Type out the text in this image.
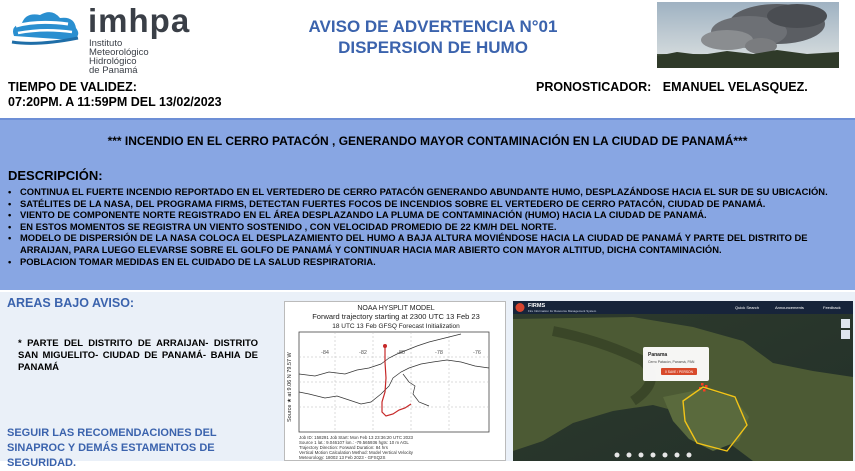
imhpa
Instituto
Meteorológico
Hidrológico
de Panamá
AVISO DE ADVERTENCIA N°01
DISPERSION DE HUMO
TIEMPO DE VALIDEZ:
07:20PM. A 11:59PM DEL 13/02/2023
PRONOSTICADOR: EMANUEL VELASQUEZ.
*** INCENDIO EN EL CERRO PATACÓN , GENERANDO MAYOR CONTAMINACIÓN EN LA CIUDAD DE PANAMÁ***
DESCRIPCIÓN:
• CONTINUA EL FUERTE INCENDIO REPORTADO EN EL VERTEDERO DE CERRO PATACÓN GENERANDO ABUNDANTE HUMO, DESPLAZÁNDOSE HACIA EL SUR DE SU UBICACIÓN.
• SATÉLITES DE LA NASA, DEL PROGRAMA FIRMS, DETECTAN FUERTES FOCOS DE INCENDIOS SOBRE EL VERTEDERO DE CERRO PATACÓN, CIUDAD DE PANAMÁ.
• VIENTO DE COMPONENTE NORTE REGISTRADO EN EL ÁREA DESPLAZANDO LA PLUMA DE CONTAMINACIÓN (HUMO) HACIA LA CIUDAD DE PANAMÁ.
• EN ESTOS MOMENTOS SE REGISTRA UN VIENTO SOSTENIDO , CON VELOCIDAD PROMEDIO DE 22 KM/H DEL NORTE.
• MODELO DE DISPERSIÓN DE LA NASA COLOCA EL DESPLAZAMIENTO DEL HUMO A BAJA ALTURA MOVIÉNDOSE HACIA LA CIUDAD DE PANAMÁ Y PARTE DEL DISTRITO DE ARRAIJAN, PARA LUEGO ELEVARSE SOBRE EL GOLFO DE PANAMÁ Y CONTINUAR HACIA MAR ABIERTO CON MAYOR ALTITUD, DICHA CONTAMINACIÓN.
• POBLACION TOMAR MEDIDAS EN EL CUIDADO DE LA SALUD RESPIRATORIA.
AREAS BAJO AVISO:
* PARTE DEL DISTRITO DE ARRAIJAN- DISTRITO SAN MIGUELITO- CIUDAD DE PANAMÁ- BAHIA DE PANAMÁ
SEGUIR LAS RECOMENDACIONES DEL SINAPROC Y DEMÁS ESTAMENTOS DE SEGURIDAD.
NOAA HYSPLIT MODEL
Forward trajectory starting at 2300 UTC 13 Feb 23
18 UTC 13 Feb GFSQ Forecast Initialization
Source ★ at 9.06 N 79.57 W	-84	-82	-80	-78	-76
Job ID: 158291 Job Start: Mon Feb 13 23:36:20 UTC 2023
Source 1 lat.: 9.046107 lon.: -79.565936 hgts: 10 m AGL
Trajectory Direction: Forward Duration: 84 hrs
Vertical Motion Calculation Method: Model Vertical Velocity
Meteorology: 18002 13 Feb 2023 - GFSQ2S
FIRMS
Fire Information for Resource Management System
Quick Search	Announcements	Feedback
Panama
Cerro Patacón, Panamá, PAN
0 SAVE / PERSON
